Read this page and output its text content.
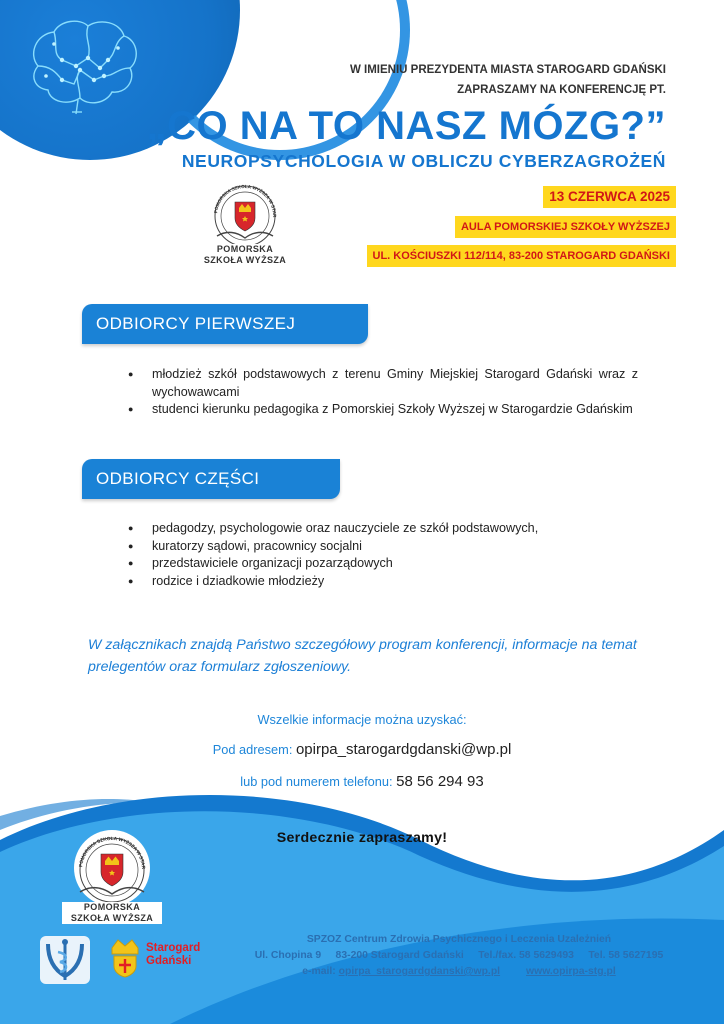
W IMIENIU PREZYDENTA MIASTA STAROGARD GDAŃSKI
ZAPRASZAMY NA KONFERENCJĘ PT.
„CO NA TO NASZ MÓZG?”
NEUROPSYCHOLOGIA W OBLICZU CYBERZAGROŻEŃ
13 CZERWCA 2025
AULA POMORSKIEJ SZKOŁY WYŻSZEJ
UL. KOŚCIUSZKI 112/114, 83-200 STAROGARD GDAŃSKI
POMORSKA SZKOŁA WYŻSZA W STAR
POMORSKA
SZKOŁA WYŻSZA
ODBIORCY PIERWSZEJ CZĘŚCI:
● młodzież szkół podstawowych z terenu Gminy Miejskiej Starogard Gdański wraz z wychowawcami
● studenci kierunku pedagogika z Pomorskiej Szkoły Wyższej w Starogardzie Gdańskim
ODBIORCY CZĘŚCI DRUGIEJ:
● pedagodzy, psychologowie oraz nauczyciele ze szkół podstawowych,
● kuratorzy sądowi, pracownicy socjalni
● przedstawiciele organizacji pozarządowych
● rodzice i dziadkowie młodzieży
W załącznikach znajdą Państwo szczegółowy program konferencji, informacje na temat prelegentów oraz formularz zgłoszeniowy.
Wszelkie informacje można uzyskać:
Pod adresem: opirpa_starogardgdanski@wp.pl
lub pod numerem telefonu: 58 56 294 93
Serdecznie zapraszamy!
POMORSKA SZKOŁA WYŻSZA W STAR
POMORSKA
SZKOŁA WYŻSZA
Starogard
Gdański
SPZOZ Centrum Zdrowia Psychicznego i Leczenia Uzależnień
Ul. Chopina 9 83-200 Starogard Gdański Tel./fax. 58 5629493 Tel. 58 5627195
e-mail: opirpa_starogardgdanski@wp.pl www.opirpa-stg.pl
